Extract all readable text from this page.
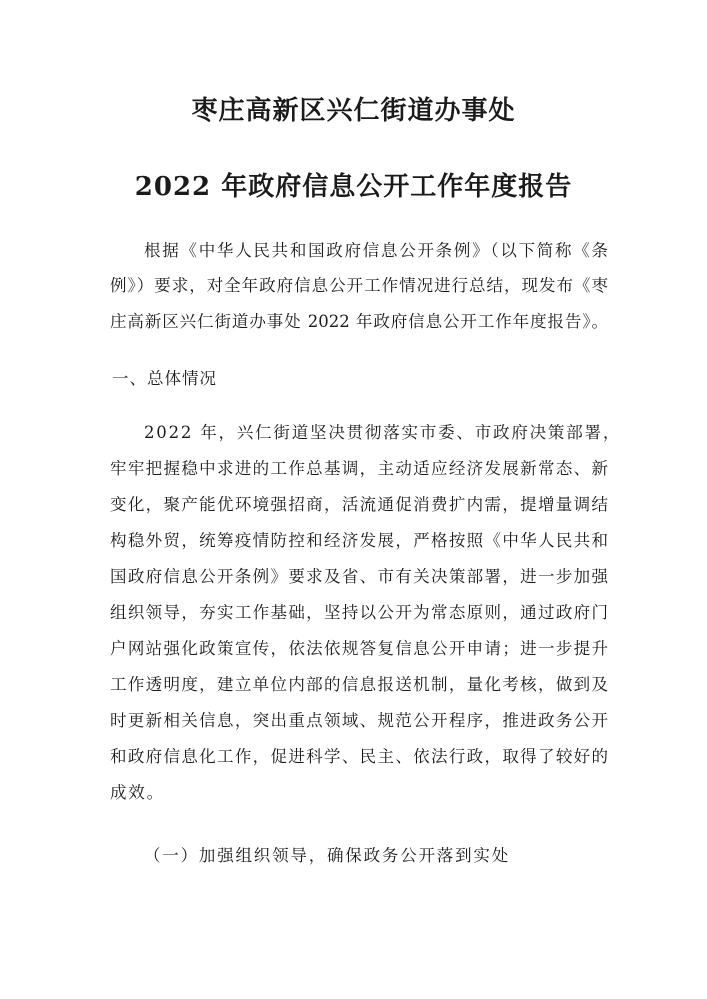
枣庄高新区兴仁街道办事处
2022 年政府信息公开工作年度报告
根据《中华人民共和国政府信息公开条例》（以下简称《条
例》）要求，对全年政府信息公开工作情况进行总结，现发布《枣
庄高新区兴仁街道办事处 2022 年政府信息公开工作年度报告》。
一、总体情况
2022 年，兴仁街道坚决贯彻落实市委、市政府决策部署，
牢牢把握稳中求进的工作总基调，主动适应经济发展新常态、新
变化，聚产能优环境强招商，活流通促消费扩内需，提增量调结
构稳外贸，统筹疫情防控和经济发展，严格按照《中华人民共和
国政府信息公开条例》要求及省、市有关决策部署，进一步加强
组织领导，夯实工作基础，坚持以公开为常态原则，通过政府门
户网站强化政策宣传，依法依规答复信息公开申请；进一步提升
工作透明度，建立单位内部的信息报送机制，量化考核，做到及
时更新相关信息，突出重点领域、规范公开程序，推进政务公开
和政府信息化工作，促进科学、民主、依法行政，取得了较好的
成效。
（一）加强组织领导，确保政务公开落到实处
